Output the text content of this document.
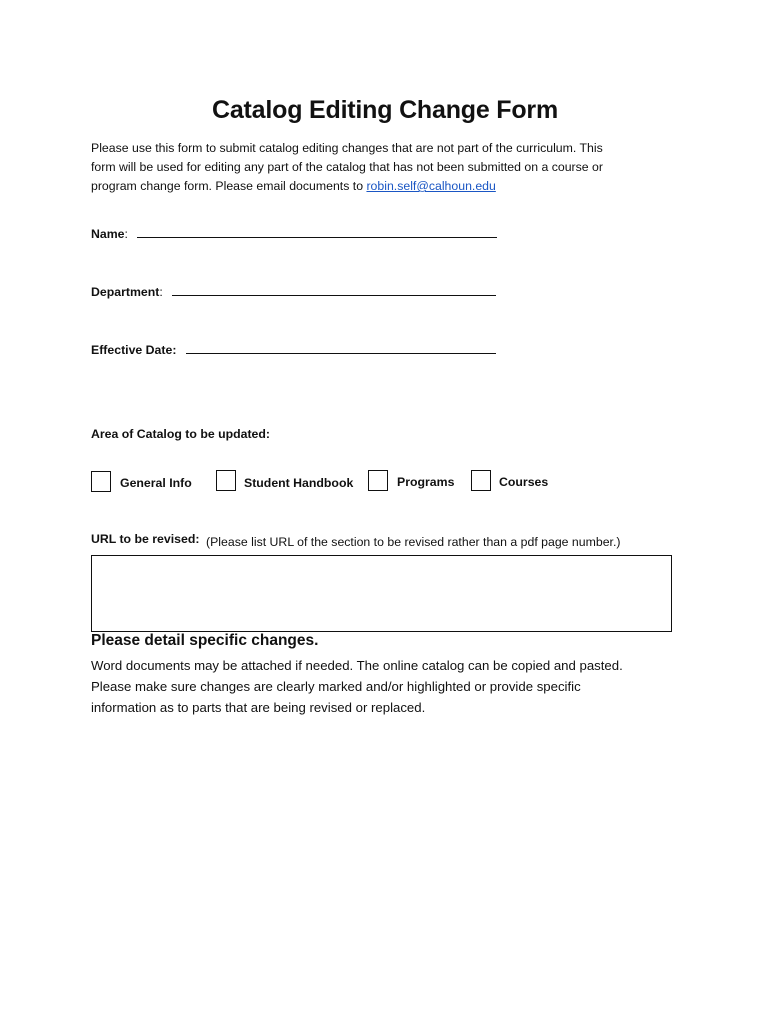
Catalog Editing Change Form
Please use this form to submit catalog editing changes that are not part of the curriculum. This
form will be used for editing any part of the catalog that has not been submitted on a course or
program change form. Please email documents to robin.self@calhoun.edu
Name:
Department:
Effective Date:
Area of Catalog to be updated:
General Info	Student Handbook	Programs	Courses
URL to be revised: (Please list URL of the section to be revised rather than a pdf page number.)
Please detail specific changes.
Word documents may be attached if needed. The online catalog can be copied and pasted.
Please make sure changes are clearly marked and/or highlighted or provide specific
information as to parts that are being revised or replaced.
